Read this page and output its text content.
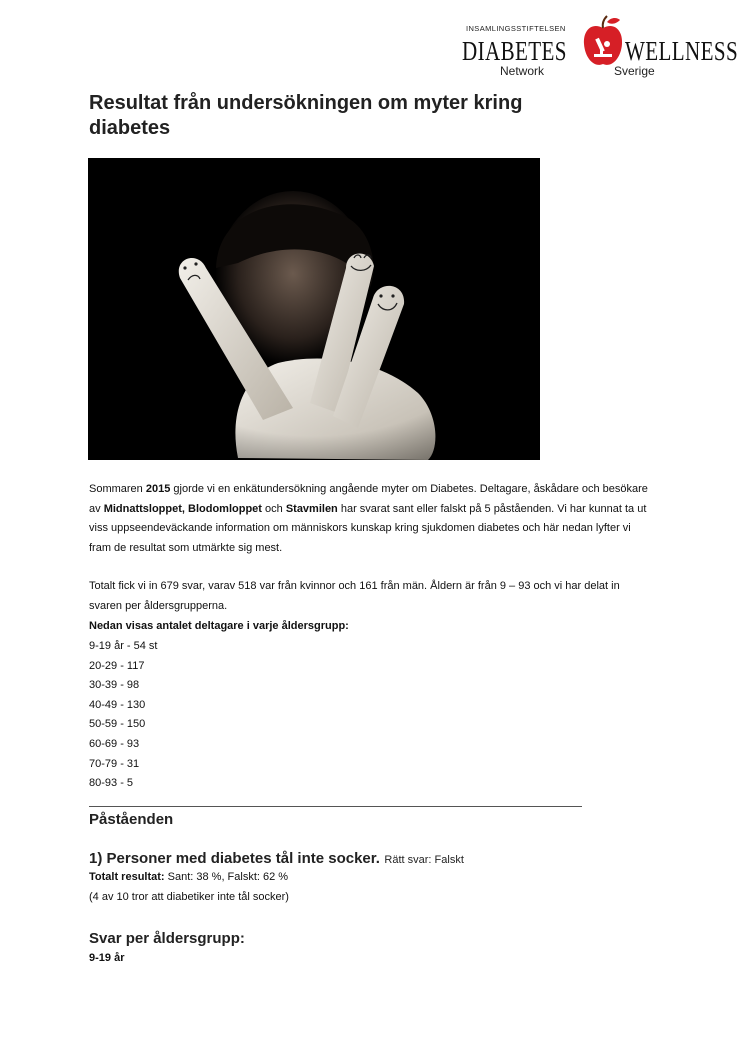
INSAMLINGSSTIFTELSEN
DIABETES WELLNESS
Network	Sverige
Resultat från undersökningen om myter kring diabetes

Sommaren 2015 gjorde vi en enkätundersökning angående myter om Diabetes. Deltagare, åskådare och besökare av Midnattsloppet, Blodomloppet och Stavmilen har svarat sant eller falskt på 5 påståenden. Vi har kunnat ta ut viss uppseendeväckande information om människors kunskap kring sjukdomen diabetes och här nedan lyfter vi fram de resultat som utmärkte sig mest.

Totalt fick vi in 679 svar, varav 518 var från kvinnor och 161 från män. Åldern är från 9 – 93 och vi har delat in svaren per åldersgrupperna.

Nedan visas antalet deltagare i varje åldersgrupp:

9-19 år - 54 st
20-29 - 117
30-39 - 98
40-49 - 130
50-59 - 150
60-69 - 93
70-79 - 31
80-93 - 5
Påståenden
1) Personer med diabetes tål inte socker. Rätt svar: Falskt
Totalt resultat: Sant: 38 %, Falskt: 62 %
(4 av 10 tror att diabetiker inte tål socker)
Svar per åldersgrupp:
9-19 år
